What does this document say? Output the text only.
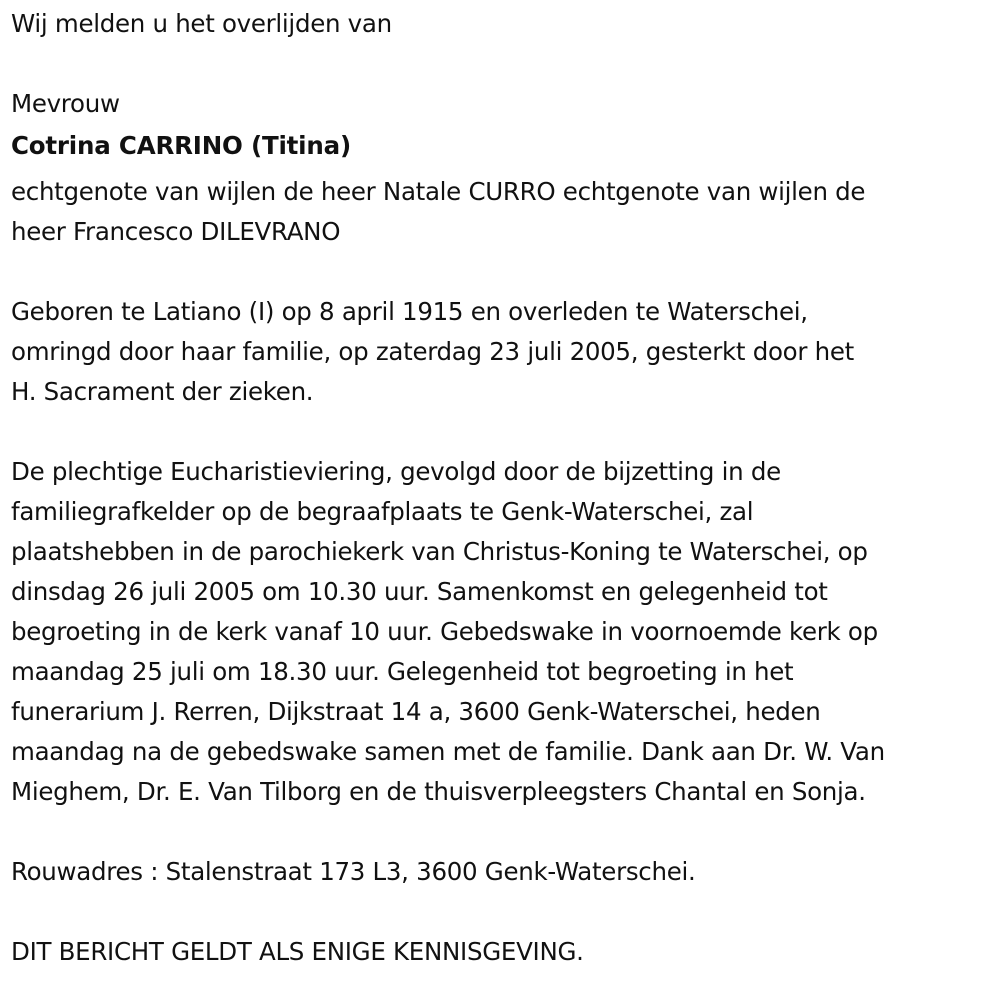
Wij melden u het overlijden van
Mevrouw
Cotrina CARRINO (Titina)
echtgenote van wijlen de heer Natale CURRO echtgenote van wijlen de
heer Francesco DILEVRANO
Geboren te Latiano (I) op 8 april 1915 en overleden te Waterschei,
omringd door haar familie, op zaterdag 23 juli 2005, gesterkt door het
H. Sacrament der zieken.
De plechtige Eucharistieviering, gevolgd door de bijzetting in de
familiegrafkelder op de begraafplaats te Genk-Waterschei, zal
plaatshebben in de parochiekerk van Christus-Koning te Waterschei, op
dinsdag 26 juli 2005 om 10.30 uur. Samenkomst en gelegenheid tot
begroeting in de kerk vanaf 10 uur. Gebedswake in voornoemde kerk op
maandag 25 juli om 18.30 uur. Gelegenheid tot begroeting in het
funerarium J. Rerren, Dijkstraat 14 a, 3600 Genk-Waterschei, heden
maandag na de gebedswake samen met de familie. Dank aan Dr. W. Van
Mieghem, Dr. E. Van Tilborg en de thuisverpleegsters Chantal en Sonja.
Rouwadres : Stalenstraat 173 L3, 3600 Genk-Waterschei.
DIT BERICHT GELDT ALS ENIGE KENNISGEVING.
